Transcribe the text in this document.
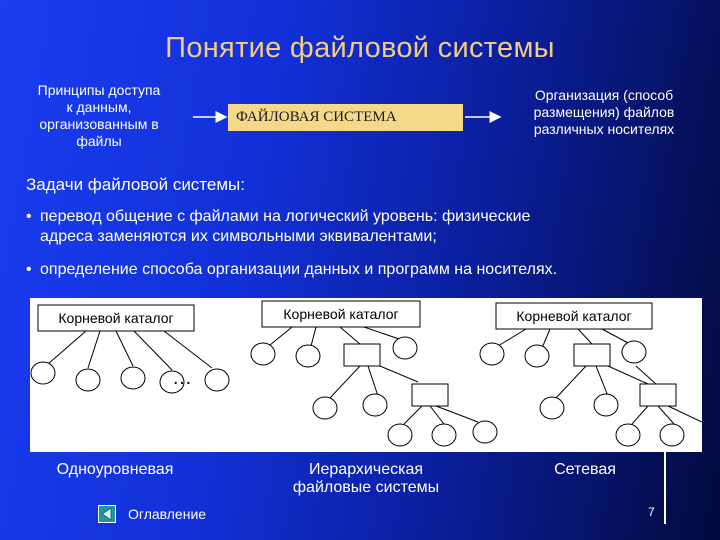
Понятие файловой системы
Принципы доступа
к данным,
организованным в
файлы
ФАЙЛОВАЯ СИСТЕМА
Организация (способ
размещения) файлов
различных носителях
Задачи файловой системы:
• перевод общение с файлами на логический уровень: физические
адреса заменяются их символьными эквивалентами;
• определение способа организации данных и программ на носителях.
…
Корневой каталог	Корневой каталог	Корневой каталог
Одноуровневая	Иерархическая
файловые системы
Сетевая
Оглавление	7
